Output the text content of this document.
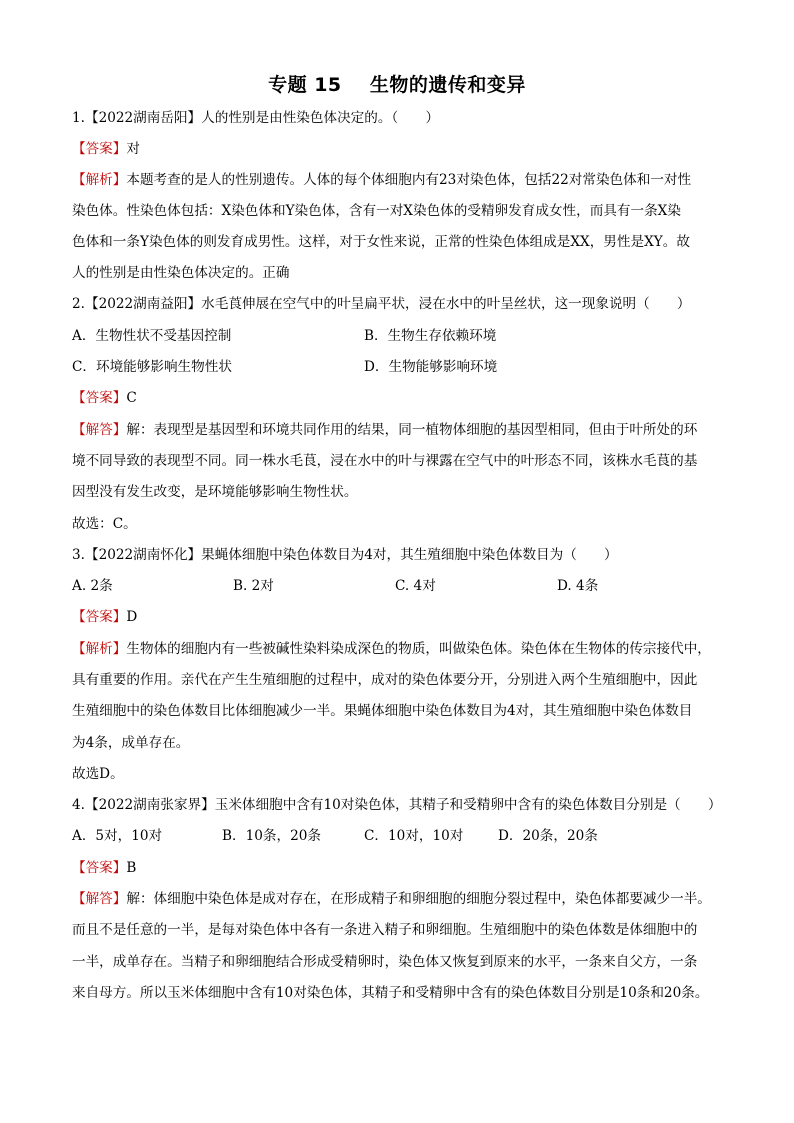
专题 15 生物的遗传和变异
1.【2022湖南岳阳】人的性别是由性染色体决定的。（　　）
【答案】对
【解析】本题考查的是人的性别遗传。人体的每个体细胞内有23对染色体，包括22对常染色体和一对性
染色体。性染色体包括：X染色体和Y染色体，含有一对X染色体的受精卵发育成女性，而具有一条X染
色体和一条Y染色体的则发育成男性。这样，对于女性来说，正常的性染色体组成是XX，男性是XY。故
人的性别是由性染色体决定的。正确
2.【2022湖南益阳】水毛莨伸展在空气中的叶呈扁平状，浸在水中的叶呈丝状，这一现象说明（　　）
A．生物性状不受基因控制	B．生物生存依赖环境
C．环境能够影响生物性状	D．生物能够影响环境
【答案】C
【解答】解：表现型是基因型和环境共同作用的结果，同一植物体细胞的基因型相同，但由于叶所处的环
境不同导致的表现型不同。同一株水毛茛，浸在水中的叶与裸露在空气中的叶形态不同，该株水毛茛的基
因型没有发生改变，是环境能够影响生物性状。
故选：C。
3.【2022湖南怀化】果蝇体细胞中染色体数目为4对，其生殖细胞中染色体数目为（　　）
A. 2条	B. 2对	C. 4对	D. 4条
【答案】D
【解析】生物体的细胞内有一些被碱性染料染成深色的物质，叫做染色体。染色体在生物体的传宗接代中，
具有重要的作用。亲代在产生生殖细胞的过程中，成对的染色体要分开，分别进入两个生殖细胞中，因此
生殖细胞中的染色体数目比体细胞减少一半。果蝇体细胞中染色体数目为4对，其生殖细胞中染色体数目
为4条，成单存在。
故选D。
4.【2022湖南张家界】玉米体细胞中含有10对染色体，其精子和受精卵中含有的染色体数目分别是（　　）
A．5对，10对	B．10条，20条	C．10对，10对	D．20条，20条
【答案】B
【解答】解：体细胞中染色体是成对存在，在形成精子和卵细胞的细胞分裂过程中，染色体都要减少一半。
而且不是任意的一半，是每对染色体中各有一条进入精子和卵细胞。生殖细胞中的染色体数是体细胞中的
一半，成单存在。当精子和卵细胞结合形成受精卵时，染色体又恢复到原来的水平，一条来自父方，一条
来自母方。所以玉米体细胞中含有10对染色体，其精子和受精卵中含有的染色体数目分别是10条和20条。
